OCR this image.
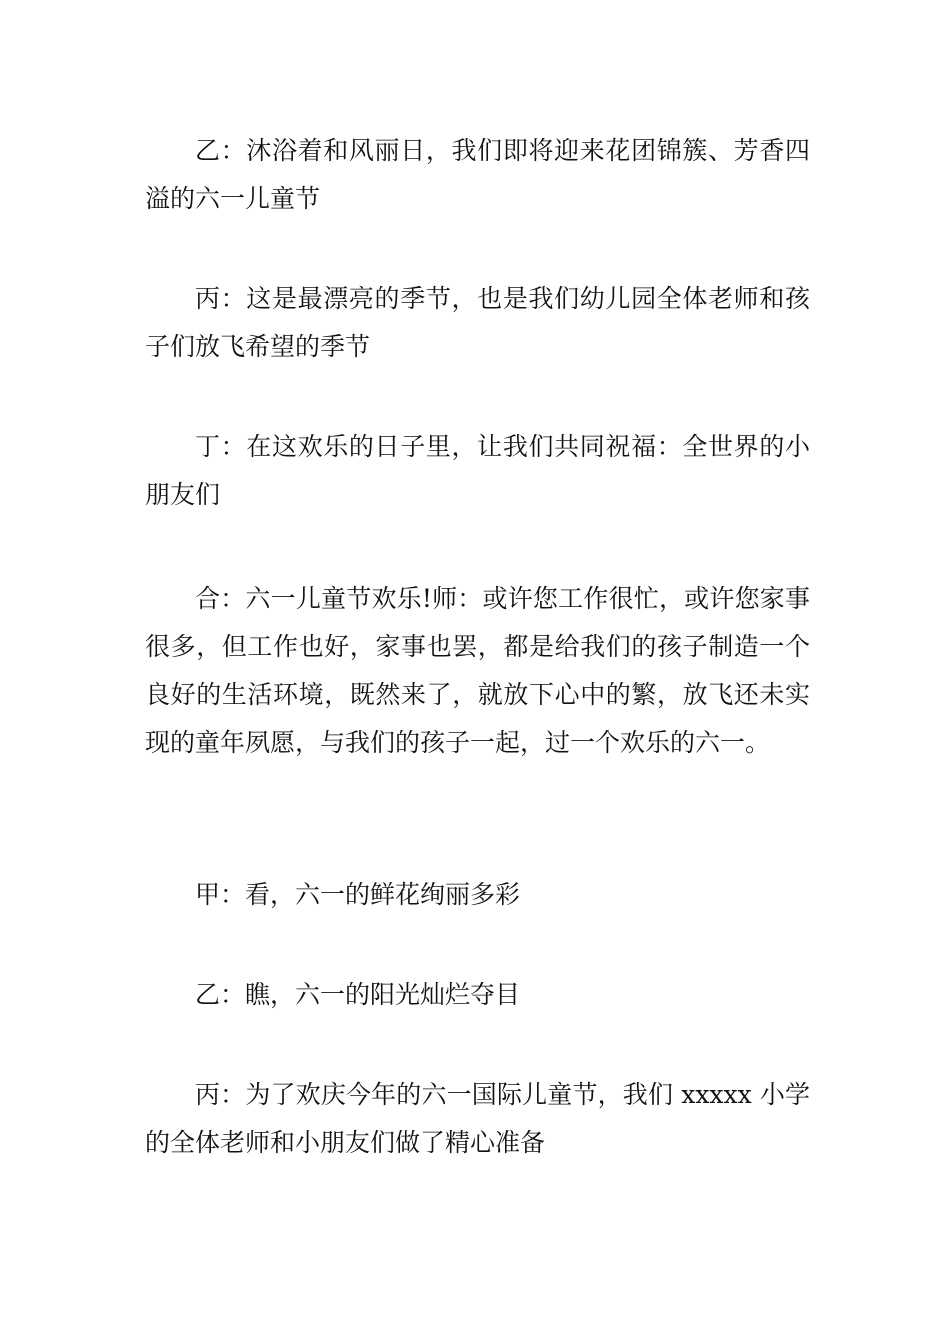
乙：沐浴着和风丽日，我们即将迎来花团锦簇、芳香四溢的六一儿童节

丙：这是最漂亮的季节，也是我们幼儿园全体老师和孩子们放飞希望的季节

丁：在这欢乐的日子里，让我们共同祝福：全世界的小朋友们

合：六一儿童节欢乐!师：或许您工作很忙，或许您家事很多，但工作也好，家事也罢，都是给我们的孩子制造一个良好的生活环境，既然来了，就放下心中的繁，放飞还未实现的童年夙愿，与我们的孩子一起，过一个欢乐的六一。

甲：看，六一的鲜花绚丽多彩

乙：瞧，六一的阳光灿烂夺目

丙：为了欢庆今年的六一国际儿童节，我们 xxxxx 小学的全体老师和小朋友们做了精心准备
